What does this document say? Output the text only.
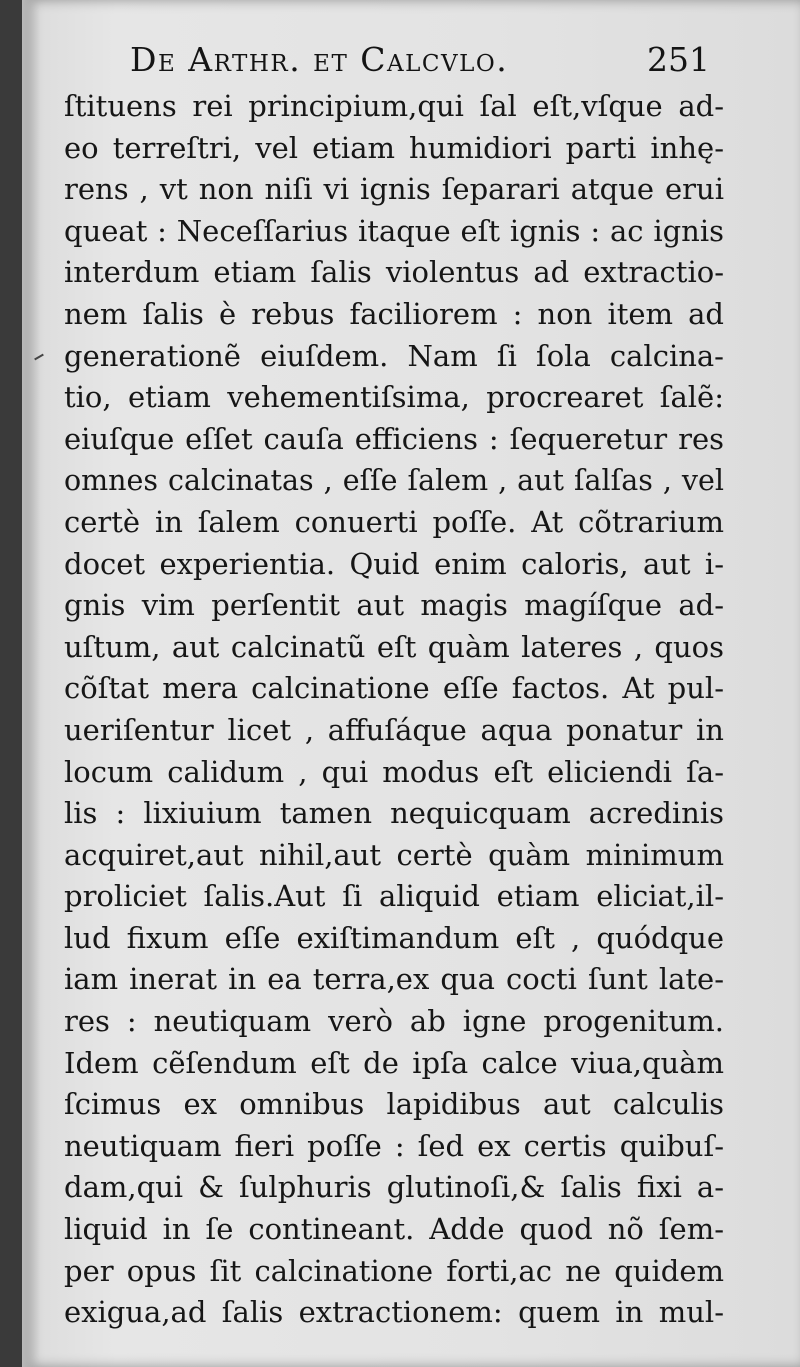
De Arthr. et Calcvlo.	251
ſtituens rei principium,qui ſal eſt,vſque ad-
eo terreſtri, vel etiam humidiori parti inhę-
rens , vt non niſi vi ignis ſeparari atque erui
queat : Neceſſarius itaque eſt ignis : ac ignis
interdum etiam ſalis violentus ad extractio-
nem ſalis è rebus faciliorem : non item ad
generationẽ eiuſdem. Nam ſi ſola calcina-
tio, etiam vehementiſsima, procrearet ſalẽ:
eiuſque eſſet cauſa efficiens : ſequeretur res
omnes calcinatas , eſſe ſalem , aut ſalſas , vel
certè in ſalem conuerti poſſe. At cõtrarium
docet experientia. Quid enim caloris, aut i-
gnis vim perſentit aut magis magíſque ad-
uſtum, aut calcinatũ eſt quàm lateres , quos
cõſtat mera calcinatione eſſe factos. At pul-
ueriſentur licet , affuſáque aqua ponatur in
locum calidum , qui modus eſt eliciendi ſa-
lis : lixiuium tamen nequicquam acredinis
acquiret,aut nihil,aut certè quàm minimum
proliciet ſalis.Aut ſi aliquid etiam eliciat,il-
lud fixum eſſe exiſtimandum eſt , quódque
iam inerat in ea terra,ex qua cocti ſunt late-
res : neutiquam verò ab igne progenitum.
Idem cẽſendum eſt de ipſa calce viua,quàm
ſcimus ex omnibus lapidibus aut calculis
neutiquam fieri poſſe : ſed ex certis quibuſ-
dam,qui & ſulphuris glutinoſi,& ſalis fixi a-
liquid in ſe contineant. Adde quod nõ ſem-
per opus ſit calcinatione forti,ac ne quidem
exigua,ad ſalis extractionem: quem in mul-
